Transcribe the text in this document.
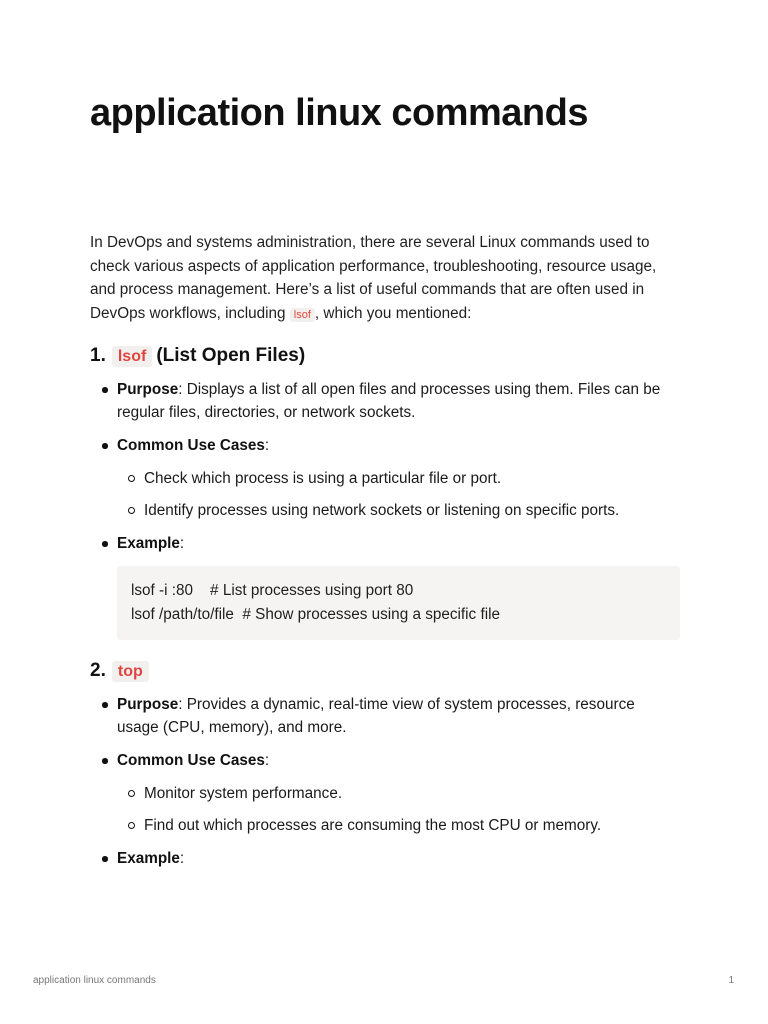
application linux commands

In DevOps and systems administration, there are several Linux commands used to check various aspects of application performance, troubleshooting, resource usage, and process management. Here’s a list of useful commands that are often used in DevOps workflows, including lsof , which you mentioned:

1. lsof (List Open Files)
Purpose: Displays a list of all open files and processes using them. Files can be regular files, directories, or network sockets.
Common Use Cases:
Check which process is using a particular file or port.
Identify processes using network sockets or listening on specific ports.
Example:
lsof -i :80    # List processes using port 80
lsof /path/to/file  # Show processes using a specific file
2. top
Purpose: Provides a dynamic, real-time view of system processes, resource usage (CPU, memory), and more.
Common Use Cases:
Monitor system performance.
Find out which processes are consuming the most CPU or memory.
Example:
application linux commands	1
